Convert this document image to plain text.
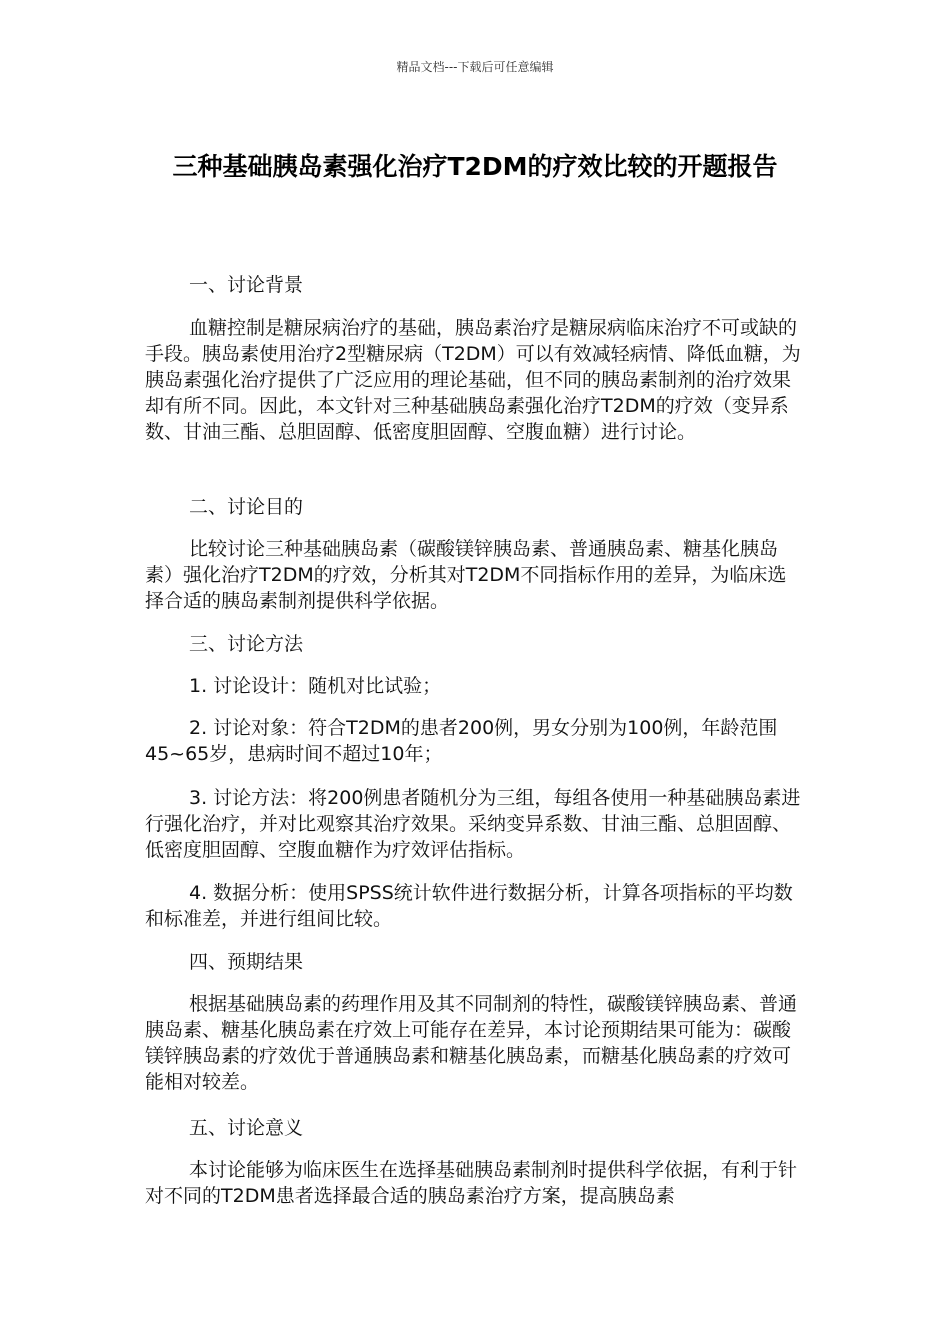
精品文档---下载后可任意编辑
三种基础胰岛素强化治疗T2DM的疗效比较的开题报告

一、讨论背景

血糖控制是糖尿病治疗的基础，胰岛素治疗是糖尿病临床治疗不可或缺的手段。胰岛素使用治疗2型糖尿病（T2DM）可以有效减轻病情、降低血糖，为胰岛素强化治疗提供了广泛应用的理论基础，但不同的胰岛素制剂的治疗效果却有所不同。因此，本文针对三种基础胰岛素强化治疗T2DM的疗效（变异系数、甘油三酯、总胆固醇、低密度胆固醇、空腹血糖）进行讨论。

二、讨论目的

比较讨论三种基础胰岛素（碳酸镁锌胰岛素、普通胰岛素、糖基化胰岛素）强化治疗T2DM的疗效，分析其对T2DM不同指标作用的差异，为临床选择合适的胰岛素制剂提供科学依据。

三、讨论方法

1. 讨论设计：随机对比试验；

2. 讨论对象：符合T2DM的患者200例，男女分别为100例，年龄范围45~65岁，患病时间不超过10年；

3. 讨论方法：将200例患者随机分为三组，每组各使用一种基础胰岛素进行强化治疗，并对比观察其治疗效果。采纳变异系数、甘油三酯、总胆固醇、低密度胆固醇、空腹血糖作为疗效评估指标。

4. 数据分析：使用SPSS统计软件进行数据分析，计算各项指标的平均数和标准差，并进行组间比较。

四、预期结果

根据基础胰岛素的药理作用及其不同制剂的特性，碳酸镁锌胰岛素、普通胰岛素、糖基化胰岛素在疗效上可能存在差异，本讨论预期结果可能为：碳酸镁锌胰岛素的疗效优于普通胰岛素和糖基化胰岛素，而糖基化胰岛素的疗效可能相对较差。

五、讨论意义

本讨论能够为临床医生在选择基础胰岛素制剂时提供科学依据，有利于针对不同的T2DM患者选择最合适的胰岛素治疗方案，提高胰岛素
